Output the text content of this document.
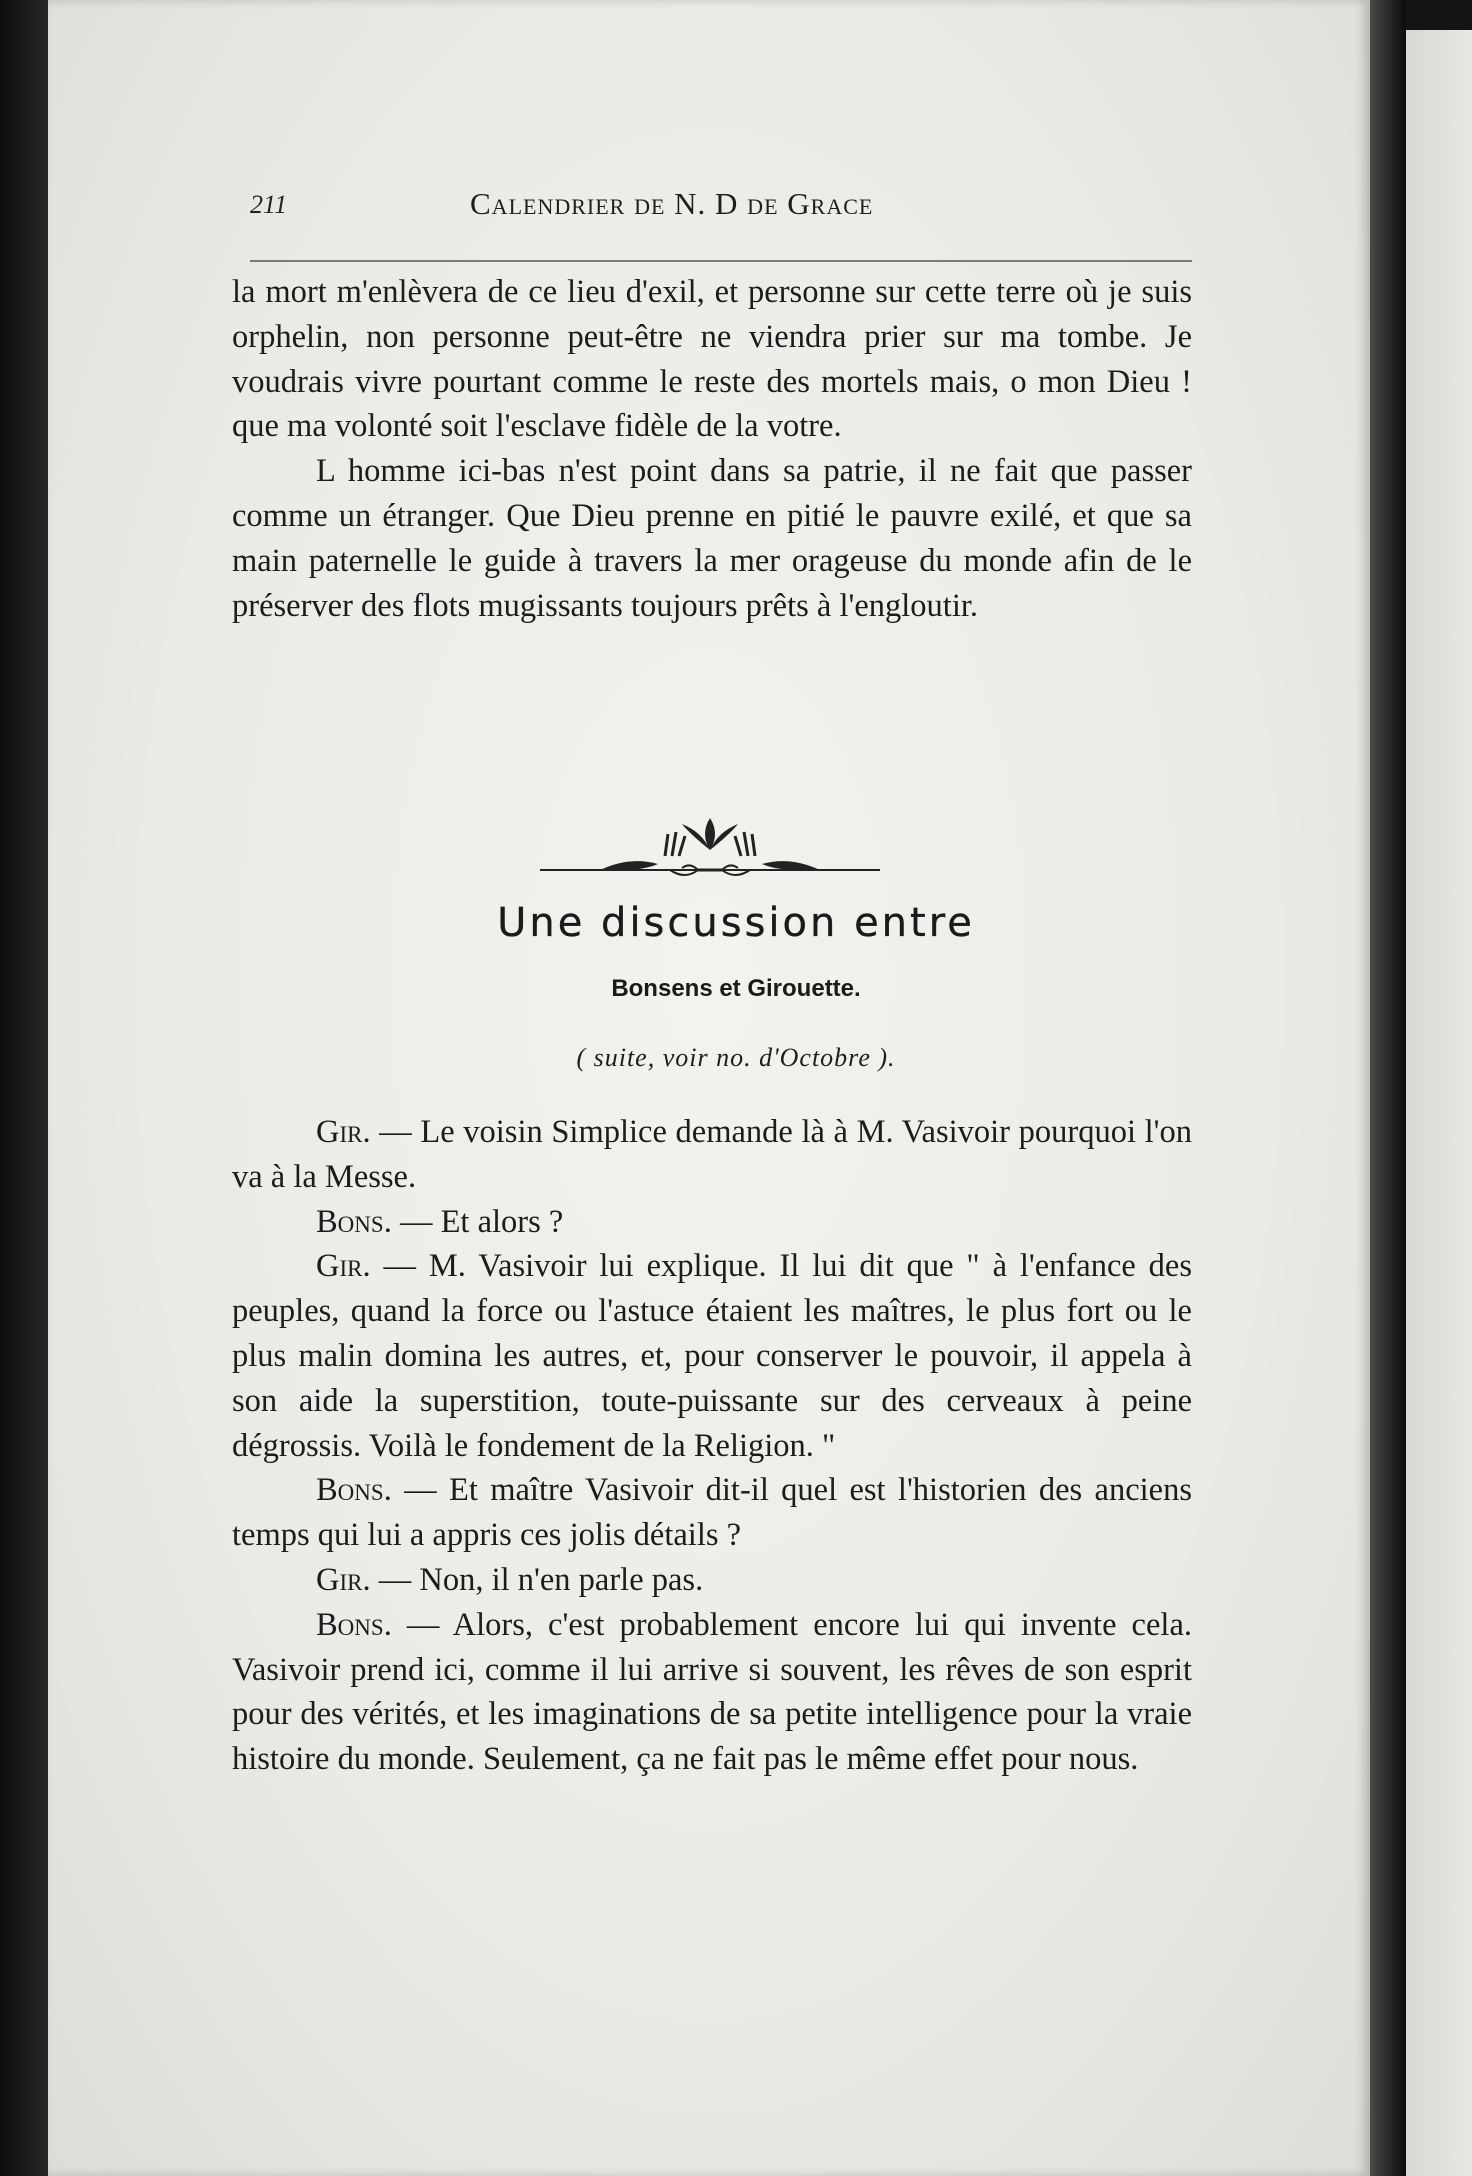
211	Calendrier de N. D de Grace

la mort m'enlèvera de ce lieu d'exil, et personne sur cette terre où je suis orphelin, non personne peut-être ne viendra prier sur ma tombe. Je voudrais vivre pourtant comme le reste des mortels mais, o mon Dieu ! que ma volonté soit l'esclave fidèle de la votre.

L homme ici-bas n'est point dans sa patrie, il ne fait que passer comme un étranger. Que Dieu prenne en pitié le pauvre exilé, et que sa main paternelle le guide à travers la mer orageuse du monde afin de le préserver des flots mugissants toujours prêts à l'engloutir.

Une discussion entre
Bonsens et Girouette.
( suite, voir no. d'Octobre ).

Gir. — Le voisin Simplice demande là à M. Vasivoir pourquoi l'on va à la Messe.

Bons. — Et alors ?

Gir. — M. Vasivoir lui explique. Il lui dit que " à l'enfance des peuples, quand la force ou l'astuce étaient les maîtres, le plus fort ou le plus malin domina les autres, et, pour conserver le pouvoir, il appela à son aide la superstition, toute-puissante sur des cerveaux à peine dégrossis. Voilà le fondement de la Religion. "

Bons. — Et maître Vasivoir dit-il quel est l'historien des anciens temps qui lui a appris ces jolis détails ?

Gir. — Non, il n'en parle pas.

Bons. — Alors, c'est probablement encore lui qui invente cela. Vasivoir prend ici, comme il lui arrive si souvent, les rêves de son esprit pour des vérités, et les imaginations de sa petite intelligence pour la vraie histoire du monde. Seulement, ça ne fait pas le même effet pour nous.
